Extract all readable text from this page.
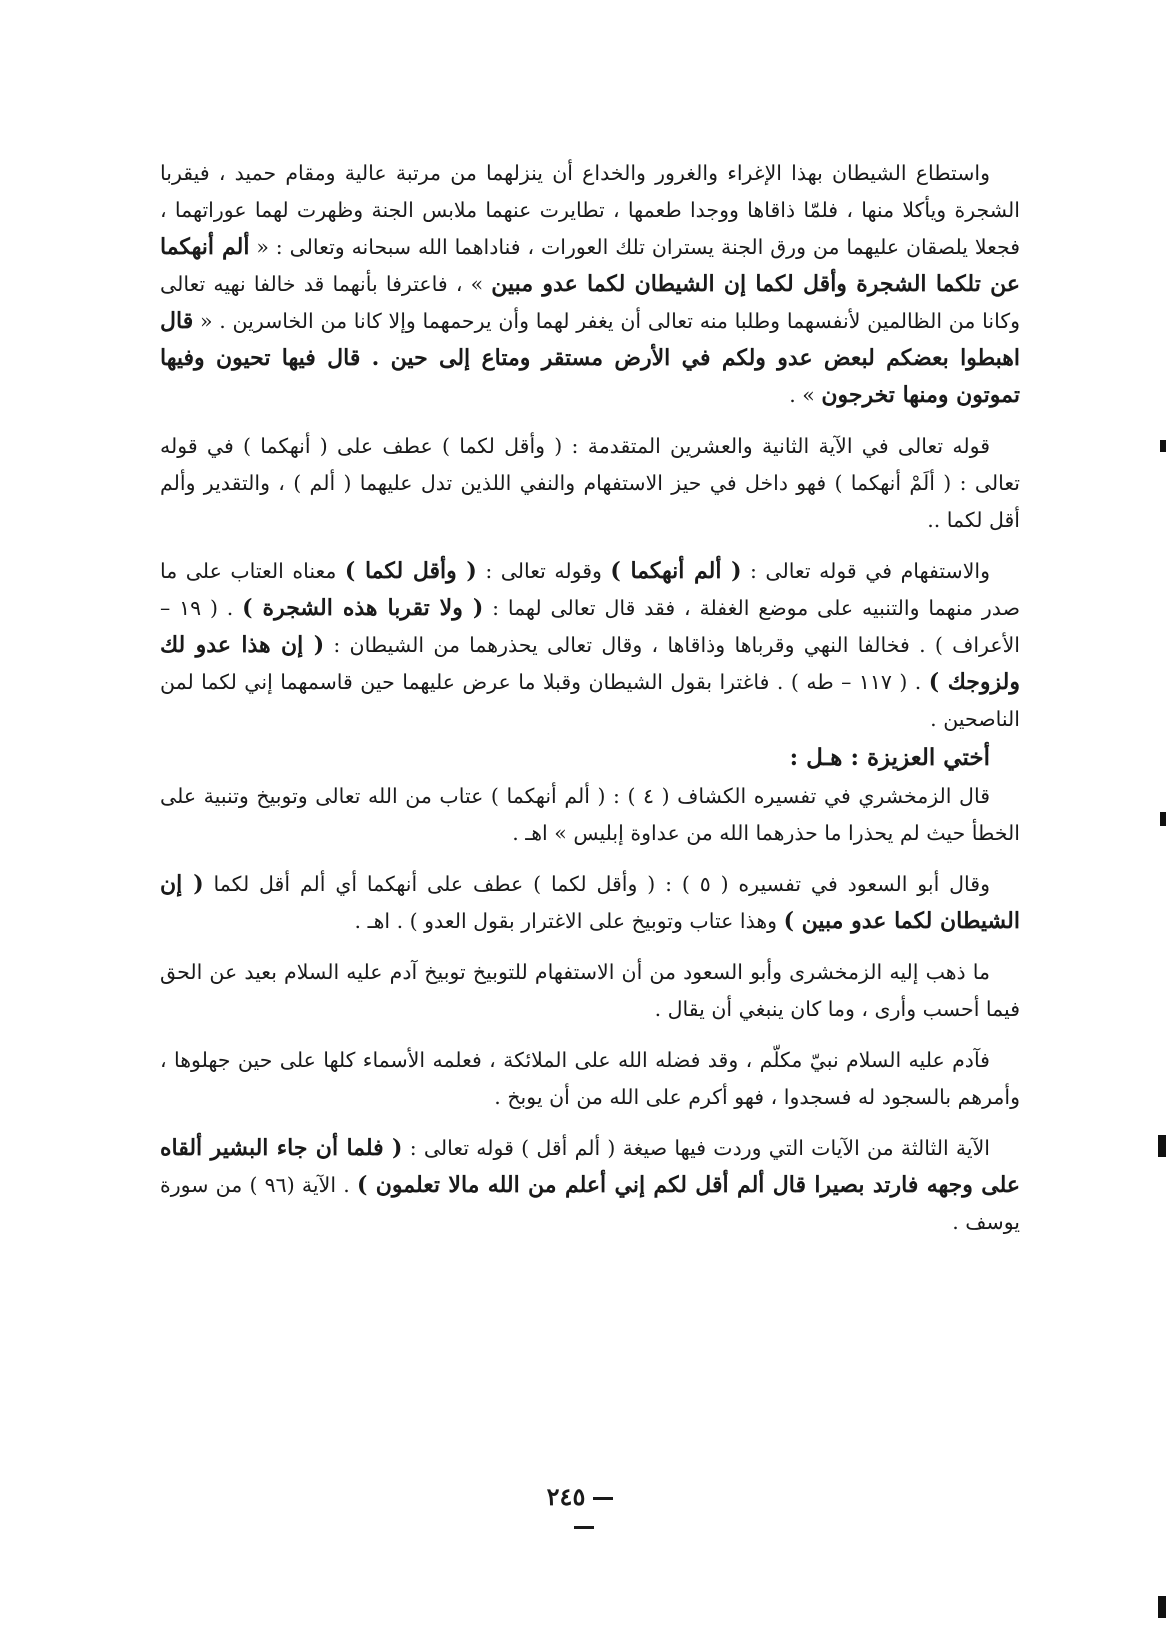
واستطاع الشيطان بهذا الإغراء والغرور والخداع أن ينزلهما من مرتبة عالية ومقام حميد ، فيقربا الشجرة ويأكلا منها ، فلمّا ذاقاها ووجدا طعمها ، تطايرت عنهما ملابس الجنة وظهرت لهما عوراتهما ، فجعلا يلصقان عليهما من ورق الجنة يستران تلك العورات ، فناداهما الله سبحانه وتعالى : « ألم أنهكما عن تلكما الشجرة وأقل لكما إن الشيطان لكما عدو مبين » ، فاعترفا بأنهما قد خالفا نهيه تعالى وكانا من الظالمين لأنفسهما وطلبا منه تعالى أن يغفر لهما وأن يرحمهما وإلا كانا من الخاسرين . « قال اهبطوا بعضكم لبعض عدو ولكم في الأرض مستقر ومتاع إلى حين . قال فيها تحيون وفيها تموتون ومنها تخرجون » .

قوله تعالى في الآية الثانية والعشرين المتقدمة : ( وأقل لكما ) عطف على ( أنهكما ) في قوله تعالى : ( ألَمْ أنهكما ) فهو داخل في حيز الاستفهام والنفي اللذين تدل عليهما ( ألم ) ، والتقدير وألم أقل لكما ..

والاستفهام في قوله تعالى : ( ألم أنهكما ) وقوله تعالى : ( وأقل لكما ) معناه العتاب على ما صدر منهما والتنبيه على موضع الغفلة ، فقد قال تعالى لهما : ( ولا تقربا هذه الشجرة ) . ( ١٩ – الأعراف ) . فخالفا النهي وقرباها وذاقاها ، وقال تعالى يحذرهما من الشيطان : ( إن هذا عدو لك ولزوجك ) . ( ١١٧ – طه ) . فاغترا بقول الشيطان وقبلا ما عرض عليهما حين قاسمهما إني لكما لمن الناصحين .

أختي العزيزة : هـل :

قال الزمخشري في تفسيره الكشاف ( ٤ ) : ( ألم أنهكما ) عتاب من الله تعالى وتوبيخ وتنبية على الخطأ حيث لم يحذرا ما حذرهما الله من عداوة إبليس » اهـ .

وقال أبو السعود في تفسيره ( ٥ ) : ( وأقل لكما ) عطف على أنهكما أي ألم أقل لكما ( إن الشيطان لكما عدو مبين ) وهذا عتاب وتوبيخ على الاغترار بقول العدو ) . اهـ .

ما ذهب إليه الزمخشرى وأبو السعود من أن الاستفهام للتوبيخ توبيخ آدم عليه السلام بعيد عن الحق فيما أحسب وأرى ، وما كان ينبغي أن يقال .

فآدم عليه السلام نبيّ مكلّم ، وقد فضله الله على الملائكة ، فعلمه الأسماء كلها على حين جهلوها ، وأمرهم بالسجود له فسجدوا ، فهو أكرم على الله من أن يوبخ .

الآية الثالثة من الآيات التي وردت فيها صيغة ( ألم أقل ) قوله تعالى : ( فلما أن جاء البشير ألقاه على وجهه فارتد بصيرا قال ألم أقل لكم إني أعلم من الله مالا تعلمون ) . الآية (٩٦ ) من سورة يوسف .

٢٤٥
